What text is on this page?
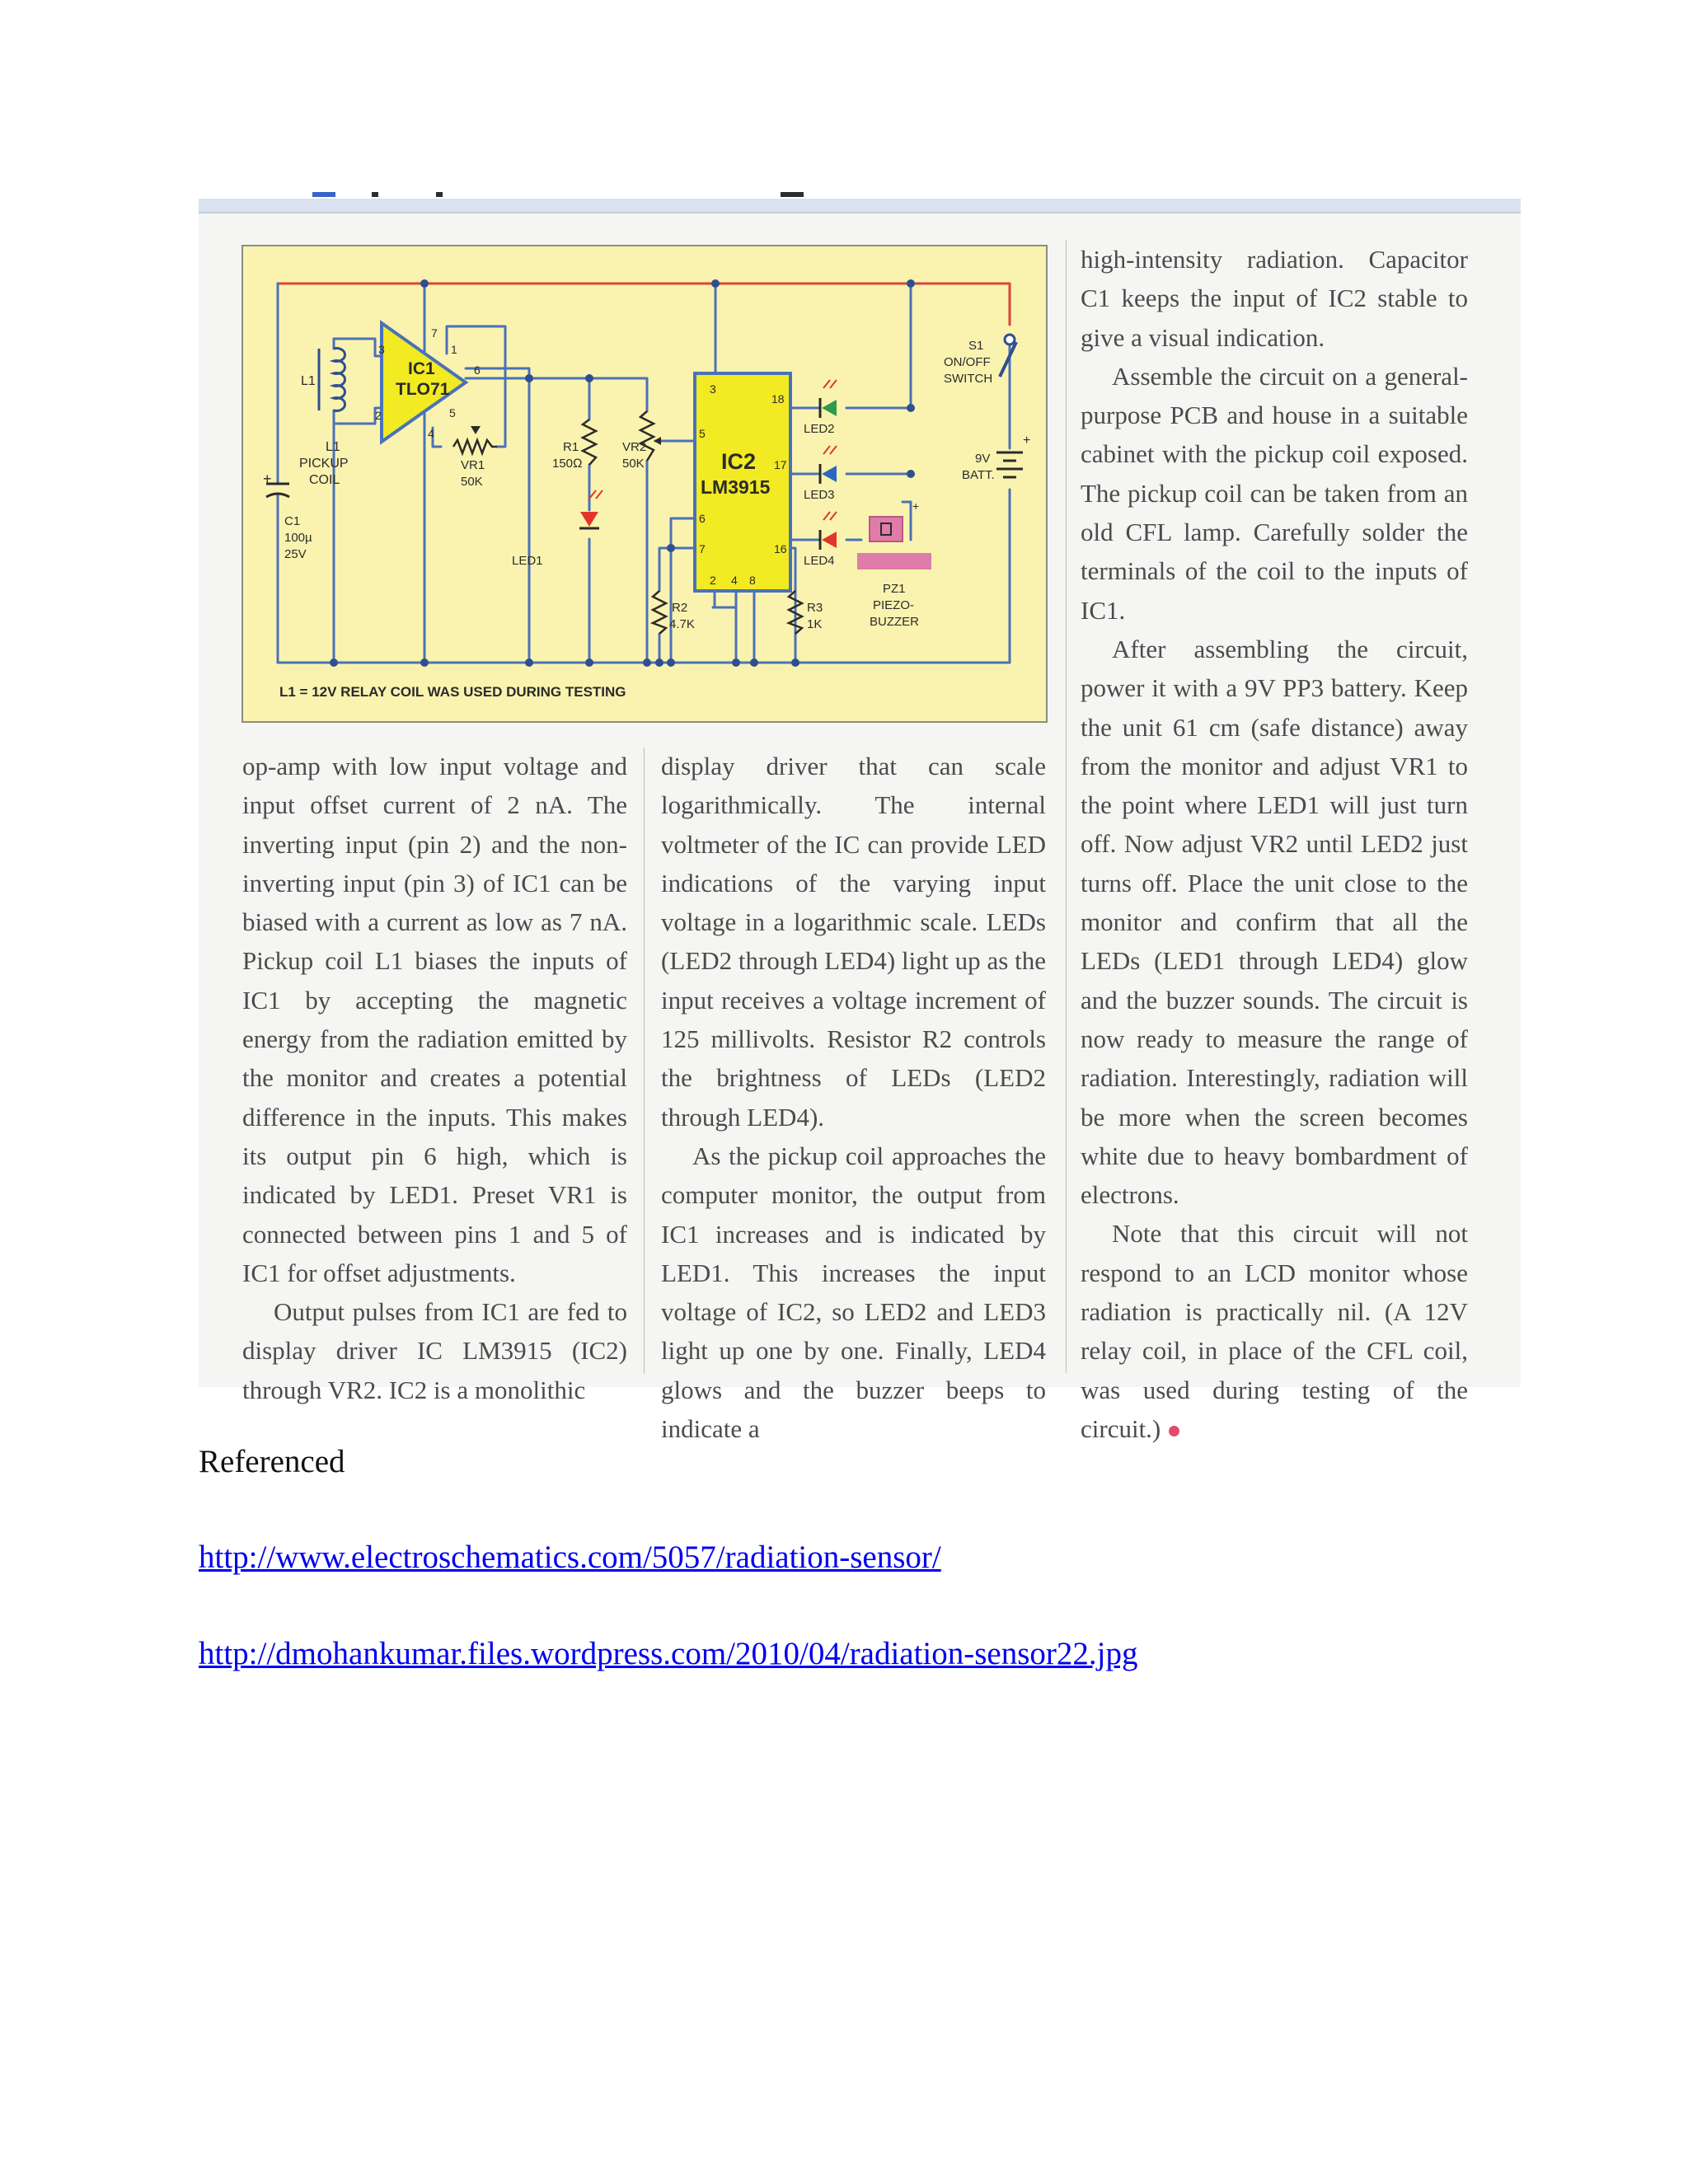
IC1
TLO71
IC2
LM3915
L1
L1
PICKUP
COIL
C1
100µ
25V
+
VR1
50K
R1
150Ω
VR2
50K
LED1
LED2
LED3
LED4
R2
4.7K
R3
1K
PZ1
PIEZO-
BUZZER
+
S1
ON/OFF
SWITCH
9V
BATT.
+
3
2
7
1
6
5
4
3
18
5
17
6
16
7
2 4 8
L1 = 12V RELAY COIL WAS USED DURING TESTING

high-intensity radiation. Capacitor C1 keeps the input of IC2 stable to give a visual indication.

Assemble the circuit on a general-purpose PCB and house in a suitable cabinet with the pickup coil exposed. The pickup coil can be taken from an old CFL lamp. Carefully solder the terminals of the coil to the inputs of IC1.

After assembling the circuit, power it with a 9V PP3 battery. Keep the unit 61 cm (safe distance) away from the monitor and adjust VR1 to the point where LED1 will just turn off. Now adjust VR2 until LED2 just turns off. Place the unit close to the monitor and confirm that all the LEDs (LED1 through LED4) glow and the buzzer sounds. The circuit is now ready to measure the range of radiation. Interestingly, radiation will be more when the screen becomes white due to heavy bombardment of electrons.

Note that this circuit will not respond to an LCD monitor whose radiation is practically nil. (A 12V relay coil, in place of the CFL coil, was used during testing of the circuit.)

op-amp with low input voltage and input offset current of 2 nA. The inverting input (pin 2) and the non-inverting input (pin 3) of IC1 can be biased with a current as low as 7 nA. Pickup coil L1 biases the inputs of IC1 by accepting the magnetic energy from the radiation emitted by the monitor and creates a potential difference in the inputs. This makes its output pin 6 high, which is indicated by LED1. Preset VR1 is connected between pins 1 and 5 of IC1 for offset adjustments.

Output pulses from IC1 are fed to display driver IC LM3915 (IC2) through VR2. IC2 is a monolithic

display driver that can scale logarithmically. The internal voltmeter of the IC can provide LED indications of the varying input voltage in a logarithmic scale. LEDs (LED2 through LED4) light up as the input receives a voltage increment of 125 millivolts. Resistor R2 controls the brightness of LEDs (LED2 through LED4).

As the pickup coil approaches the computer monitor, the output from IC1 increases and is indicated by LED1. This increases the input voltage of IC2, so LED2 and LED3 light up one by one. Finally, LED4 glows and the buzzer beeps to indicate a

Referenced
http://www.electroschematics.com/5057/radiation-sensor/
http://dmohankumar.files.wordpress.com/2010/04/radiation-sensor22.jpg
